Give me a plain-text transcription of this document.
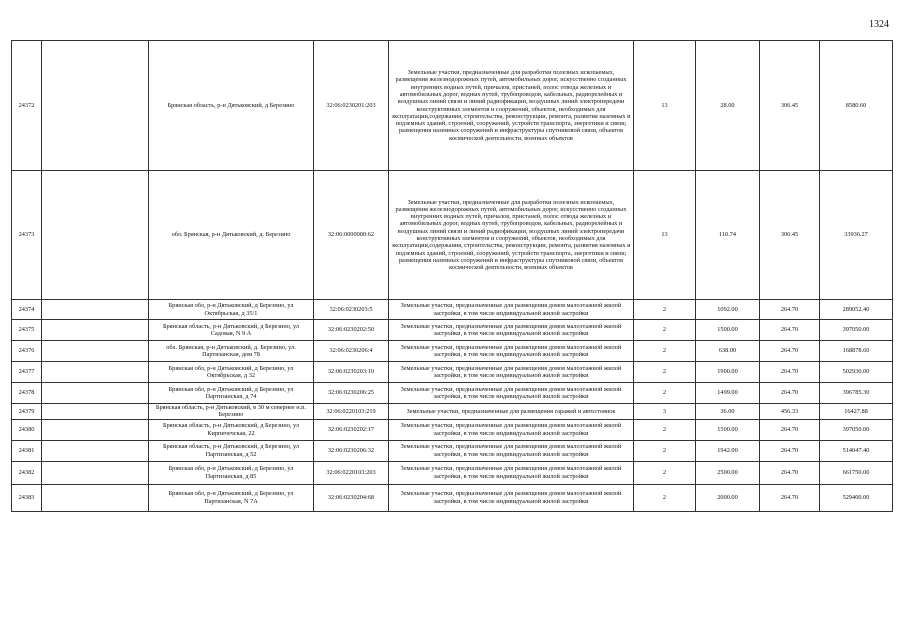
1324
24372		Брянская область, р-н Дятьковский, д Березино	32:06:0230201:203	Земельные участки, предназначенные для разработки полезных ископаемых, размещения железнодорожных путей, автомобильных дорог, искусственно созданных внутренних водных путей, причалов, пристаней, полос отвода железных и автомобильных дорог, водных путей, трубопроводов, кабельных, радиорелейных и воздушных линий связи и линий радиофикации, воздушных линий электропередачи конструктивных элементов и сооружений, объектов, необходимых для эксплуатации,содержания, строительства, реконструкции, ремонта, развития наземных и подземных зданий, строений, сооружений, устройств транспорта, энергетики и связи; размещения наземных сооружений и инфраструктуры спутниковой связи, объектов космической деятельности, военных объектов	13	28.00	306.45	8580.60
24373		обл. Брянская, р-н Дятьковский, д. Березино	32:06:0000000:62	Земельные участки, предназначенные для разработки полезных ископаемых, размещения железнодорожных путей, автомобильных дорог, искусственно созданных внутренних водных путей, причалов, пристаней, полос отвода железных и автомобильных дорог, водных путей, трубопроводов, кабельных, радиорелейных и воздушных линий связи и линий радиофикации, воздушных линий электропередачи конструктивных элементов и сооружений, объектов, необходимых для эксплуатации,содержания, строительства, реконструкции, ремонта, развития наземных и подземных зданий, строений, сооружений, устройств транспорта, энергетики и связи; размещения наземных сооружений и инфраструктуры спутниковой связи, объектов космической деятельности, военных объектов	13	110.74	306.45	33936.27
24374		Брянская обл, р-н Дятьковский, д Березино, ул Октябрьская, д 35/1	32:06:0230203:5	Земельные участки, предназначенные для размещения домов малоэтажной жилой застройки, в том числе индивидуальной жилой застройки	2	1092.00	264.70	289052.40
24375		Брянская область, р-н Дятьковский, д Березино, ул Садовая, N 9 А	32:06:0230202:50	Земельные участки, предназначенные для размещения домов малоэтажной жилой застройки, в том числе индивидуальной жилой застройки	2	1500.00	264.70	397050.00
24376		обл. Брянская, р-н Дятьковский, д. Березино, ул. Партизанская, дом 78	32:06:0230206:4	Земельные участки, предназначенные для размещения домов малоэтажной жилой застройки, в том числе индивидуальной жилой застройки	2	638.00	264.70	168878.60
24377		Брянская обл, р-н Дятьковский, д Березино, ул Октябрьская, д 32	32:06:0230203:10	Земельные участки, предназначенные для размещения домов малоэтажной жилой застройки, в том числе индивидуальной жилой застройки	2	1900.00	264.70	502930.00
24378		Брянская обл, р-н Дятьковский, д Березино, ул Партизанская, д 74	32:06:0230206:25	Земельные участки, предназначенные для размещения домов малоэтажной жилой застройки, в том числе индивидуальной жилой застройки	2	1499.00	264.70	396785.30
24379		Брянская область, р-н Дятьковский, в 30 м севернее н.п. Березино	32:06:0220103:219	Земельные участки, предназначенные для размещения гаражей и автостоянок	3	36.00	456.33	16427.88
24380		Брянская область, р-н Дятьковский, д Березино, ул Кирпичечская, 22	32:06:0230202:17	Земельные участки, предназначенные для размещения домов малоэтажной жилой застройки, в том числе индивидуальной жилой застройки	2	1500.00	264.70	397050.00
24381		Брянская область, р-н Дятьковский, д Березино, ул Партизанская, д 52	32:06:0230206:32	Земельные участки, предназначенные для размещения домов малоэтажной жилой застройки, в том числе индивидуальной жилой застройки	2	1942.00	264.70	514047.40
24382		Брянская обл, р-н Дятьковский, д Березино, ул Партизанская, д 85	32:06:0220103:203	Земельные участки, предназначенные для размещения домов малоэтажной жилой застройки, в том числе индивидуальной жилой застройки	2	2500.00	264.70	661750.00
24383		Брянская обл, р-н Дятьковский, д Березино, ул Партизанская, N 7А	32:06:0230204:68	Земельные участки, предназначенные для размещения домов малоэтажной жилой застройки, в том числе индивидуальной жилой застройки	2	2000.00	264.70	529400.00
